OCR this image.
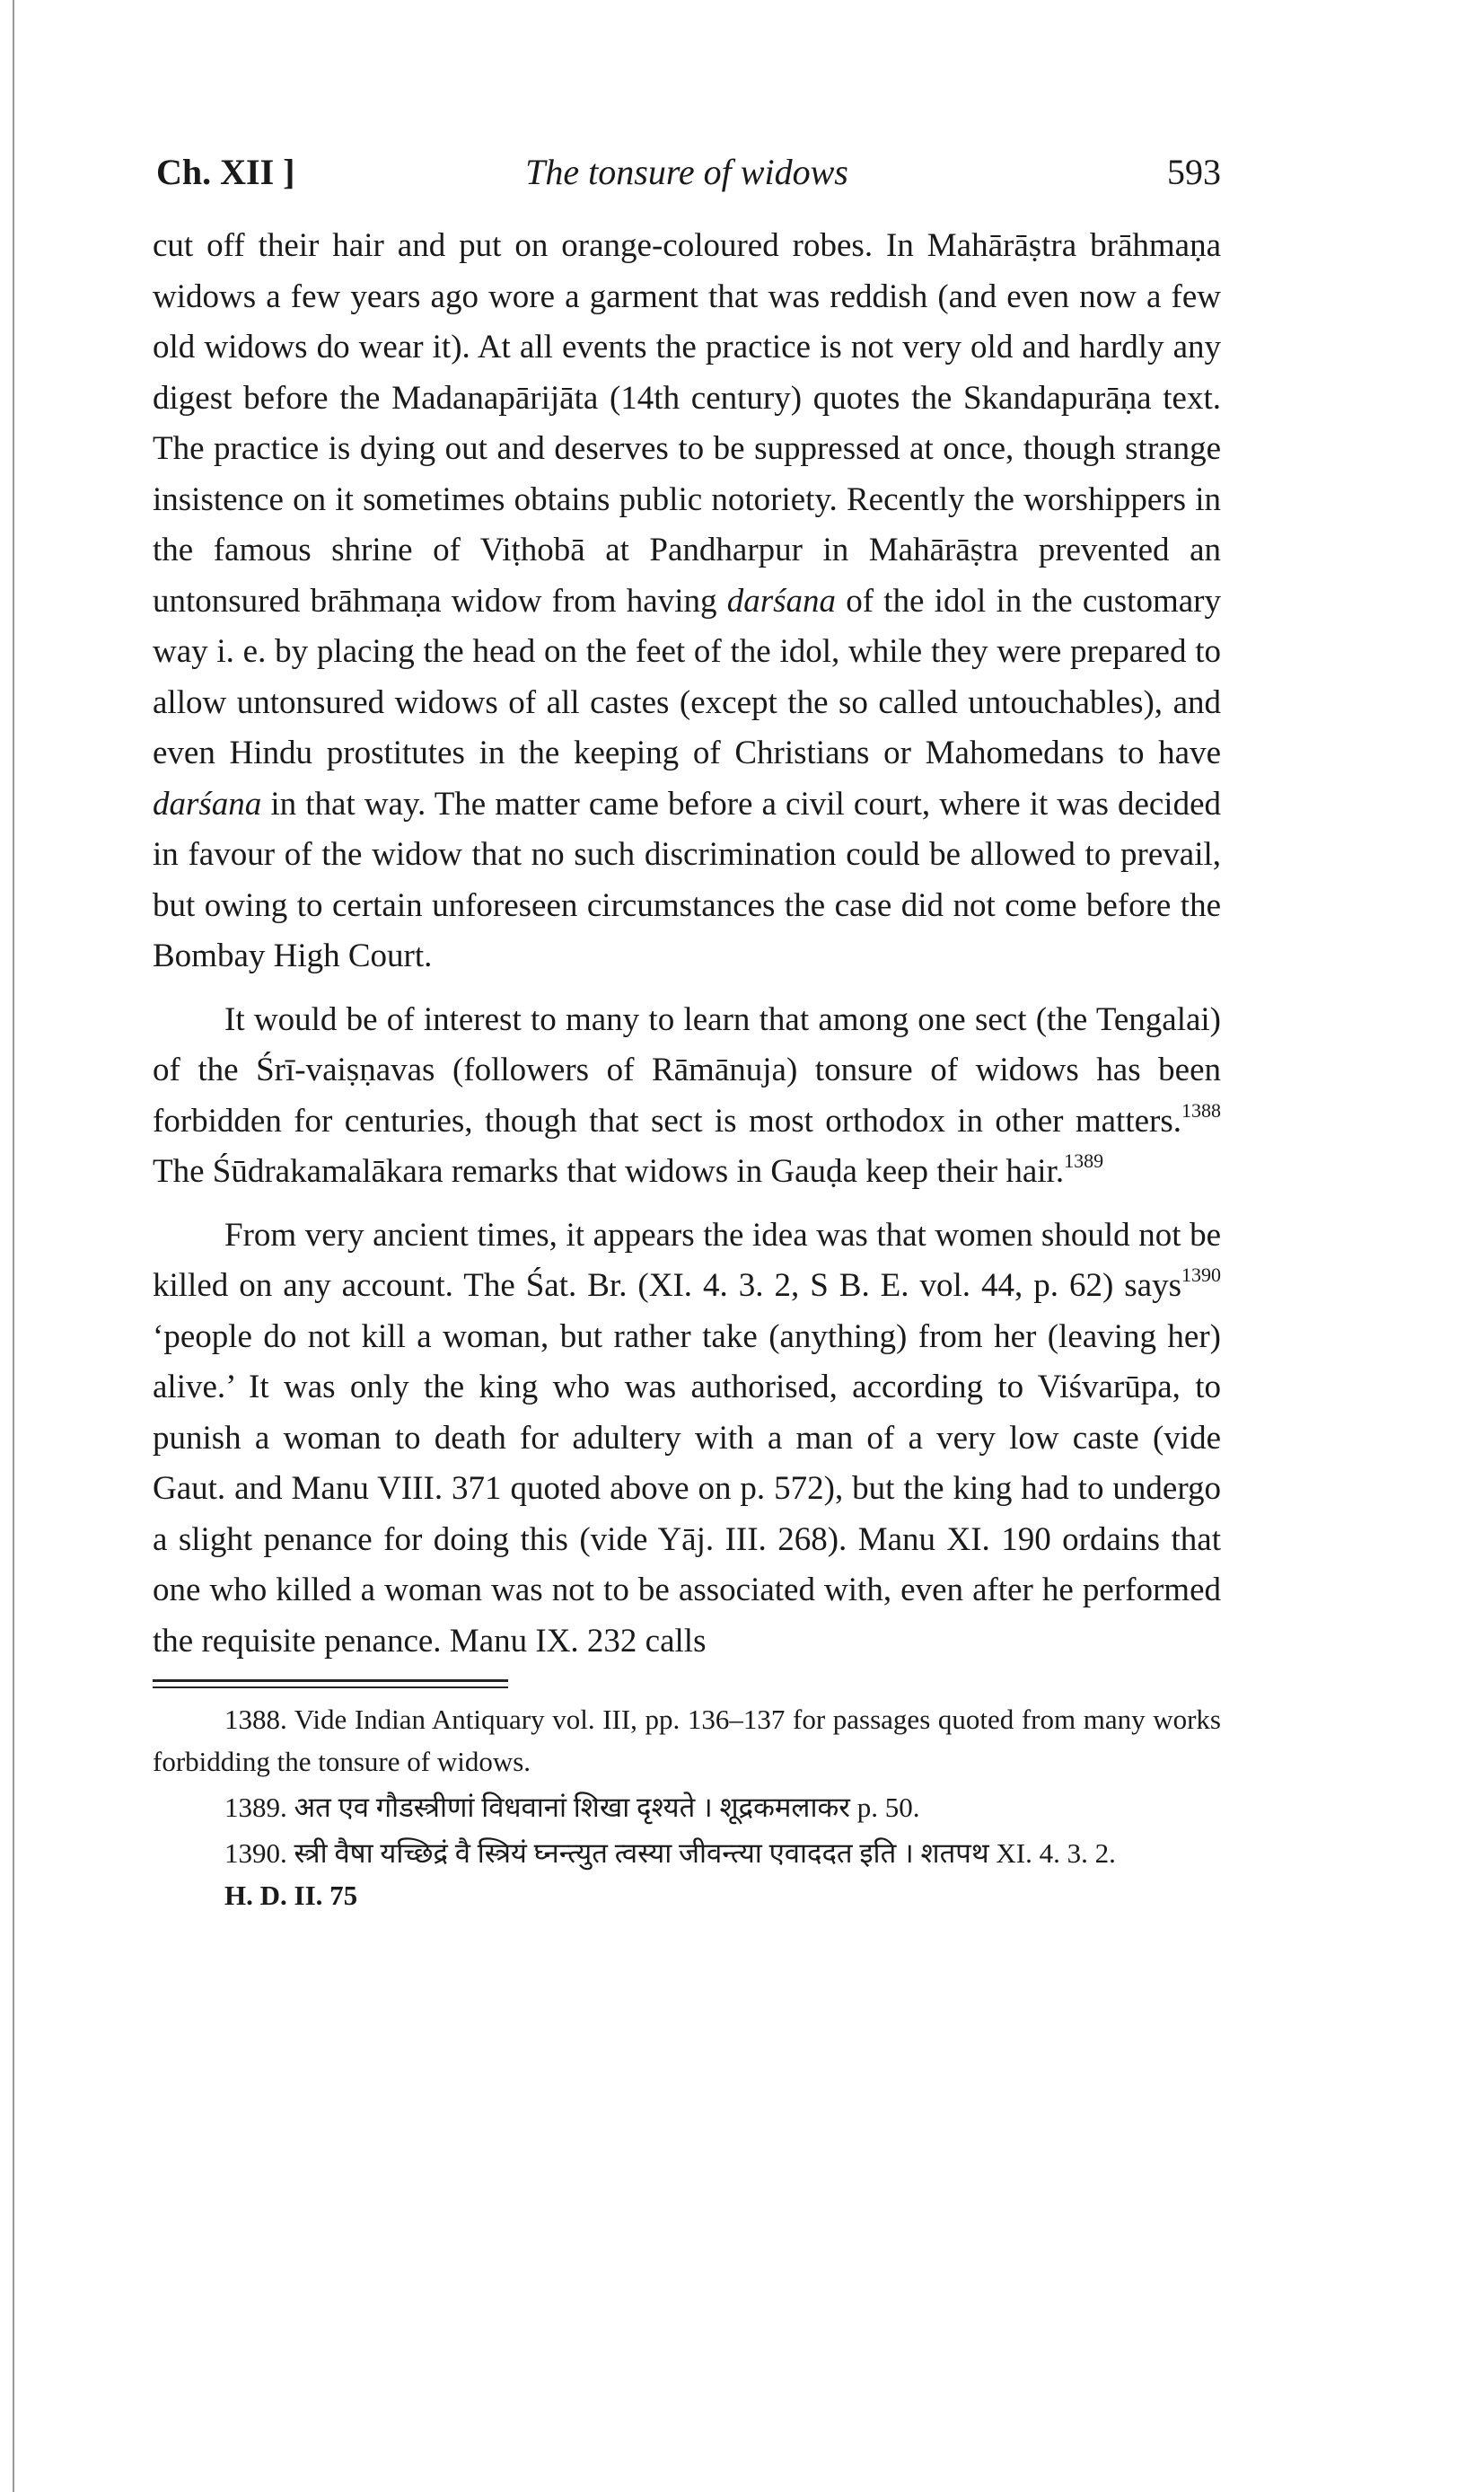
Ch. XII ]	The tonsure of widows	593

cut off their hair and put on orange-coloured robes. In Mahārāṣtra brāhmaṇa widows a few years ago wore a garment that was reddish (and even now a few old widows do wear it). At all events the practice is not very old and hardly any digest before the Madanapārijāta (14th century) quotes the Skandapurāṇa text. The practice is dying out and deserves to be suppressed at once, though strange insistence on it sometimes obtains public notoriety. Recently the worshippers in the famous shrine of Viṭhobā at Pandharpur in Mahārāṣtra prevented an untonsured brāhmaṇa widow from having darśana of the idol in the customary way i. e. by placing the head on the feet of the idol, while they were prepared to allow untonsured widows of all castes (except the so called untouchables), and even Hindu prostitutes in the keeping of Christians or Mahomedans to have darśana in that way. The matter came before a civil court, where it was decided in favour of the widow that no such discrimination could be allowed to prevail, but owing to certain unforeseen circumstances the case did not come before the Bombay High Court.

It would be of interest to many to learn that among one sect (the Tengalai) of the Śrī-vaiṣṇavas (followers of Rāmānuja) tonsure of widows has been forbidden for centuries, though that sect is most orthodox in other matters.$^{1388}$ The Śūdrakamalākara remarks that widows in Gauḍa keep their hair.$^{1389}$

From very ancient times, it appears the idea was that women should not be killed on any account. The Śat. Br. (XI. 4. 3. 2, S B. E. vol. 44, p. 62) says$^{1390}$ ‘people do not kill a woman, but rather take (anything) from her (leaving her) alive.’ It was only the king who was authorised, according to Viśvarūpa, to punish a woman to death for adultery with a man of a very low caste (vide Gaut. and Manu VIII. 371 quoted above on p. 572), but the king had to undergo a slight penance for doing this (vide Yāj. III. 268). Manu XI. 190 ordains that one who killed a woman was not to be associated with, even after he performed the requisite penance. Manu IX. 232 calls

1388. Vide Indian Antiquary vol. III, pp. 136–137 for passages quoted from many works forbidding the tonsure of widows.

1389. अत एव गौडस्त्रीणां विधवानां शिखा दृश्यते । शूद्रकमलाकर p. 50.

1390. स्त्री वैषा यच्छिद्रं वै स्त्रियं घ्नन्त्युत त्वस्या जीवन्त्या एवाददत इति । शतपथ XI. 4. 3. 2.

H. D. II. 75
